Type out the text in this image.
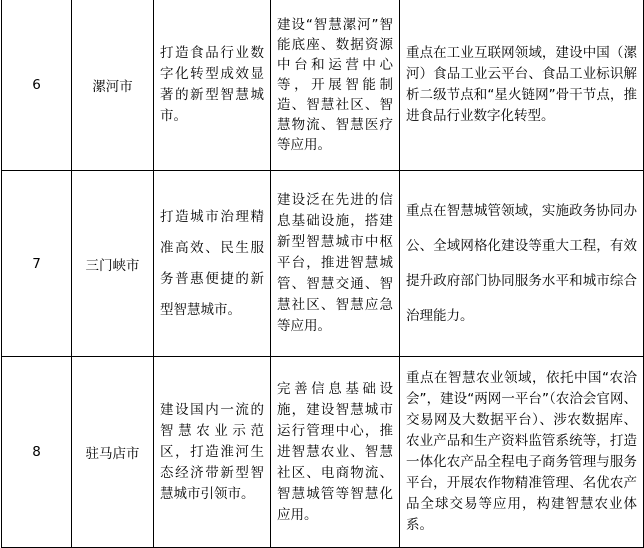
6	漯河市	打造食品行业数字化转型成效显著的新型智慧城市。	建设“智慧漯河”智能底座、数据资源中台和运营中心等，开展智能制造、智慧社区、智慧物流、智慧医疗等应用。	重点在工业互联网领域，建设中国（漯河）食品工业云平台、食品工业标识解析二级节点和“星火链网”骨干节点，推进食品行业数字化转型。
7	三门峡市	打造城市治理精准高效、民生服务普惠便捷的新型智慧城市。	建设泛在先进的信息基础设施，搭建新型智慧城市中枢平台，推进智慧城管、智慧交通、智慧社区、智慧应急等应用。	重点在智慧城管领域，实施政务协同办公、全域网格化建设等重大工程，有效提升政府部门协同服务水平和城市综合治理能力。
8	驻马店市	建设国内一流的智慧农业示范区，打造淮河生态经济带新型智慧城市引领市。	完善信息基础设施，建设智慧城市运行管理中心，推进智慧农业、智慧社区、电商物流、智慧城管等智慧化应用。	重点在智慧农业领域，依托中国“农洽会”，建设“两网一平台”（农洽会官网、交易网及大数据平台）、涉农数据库、农业产品和生产资料监管系统等，打造一体化农产品全程电子商务管理与服务平台，开展农作物精准管理、名优农产品全球交易等应用，构建智慧农业体系。
